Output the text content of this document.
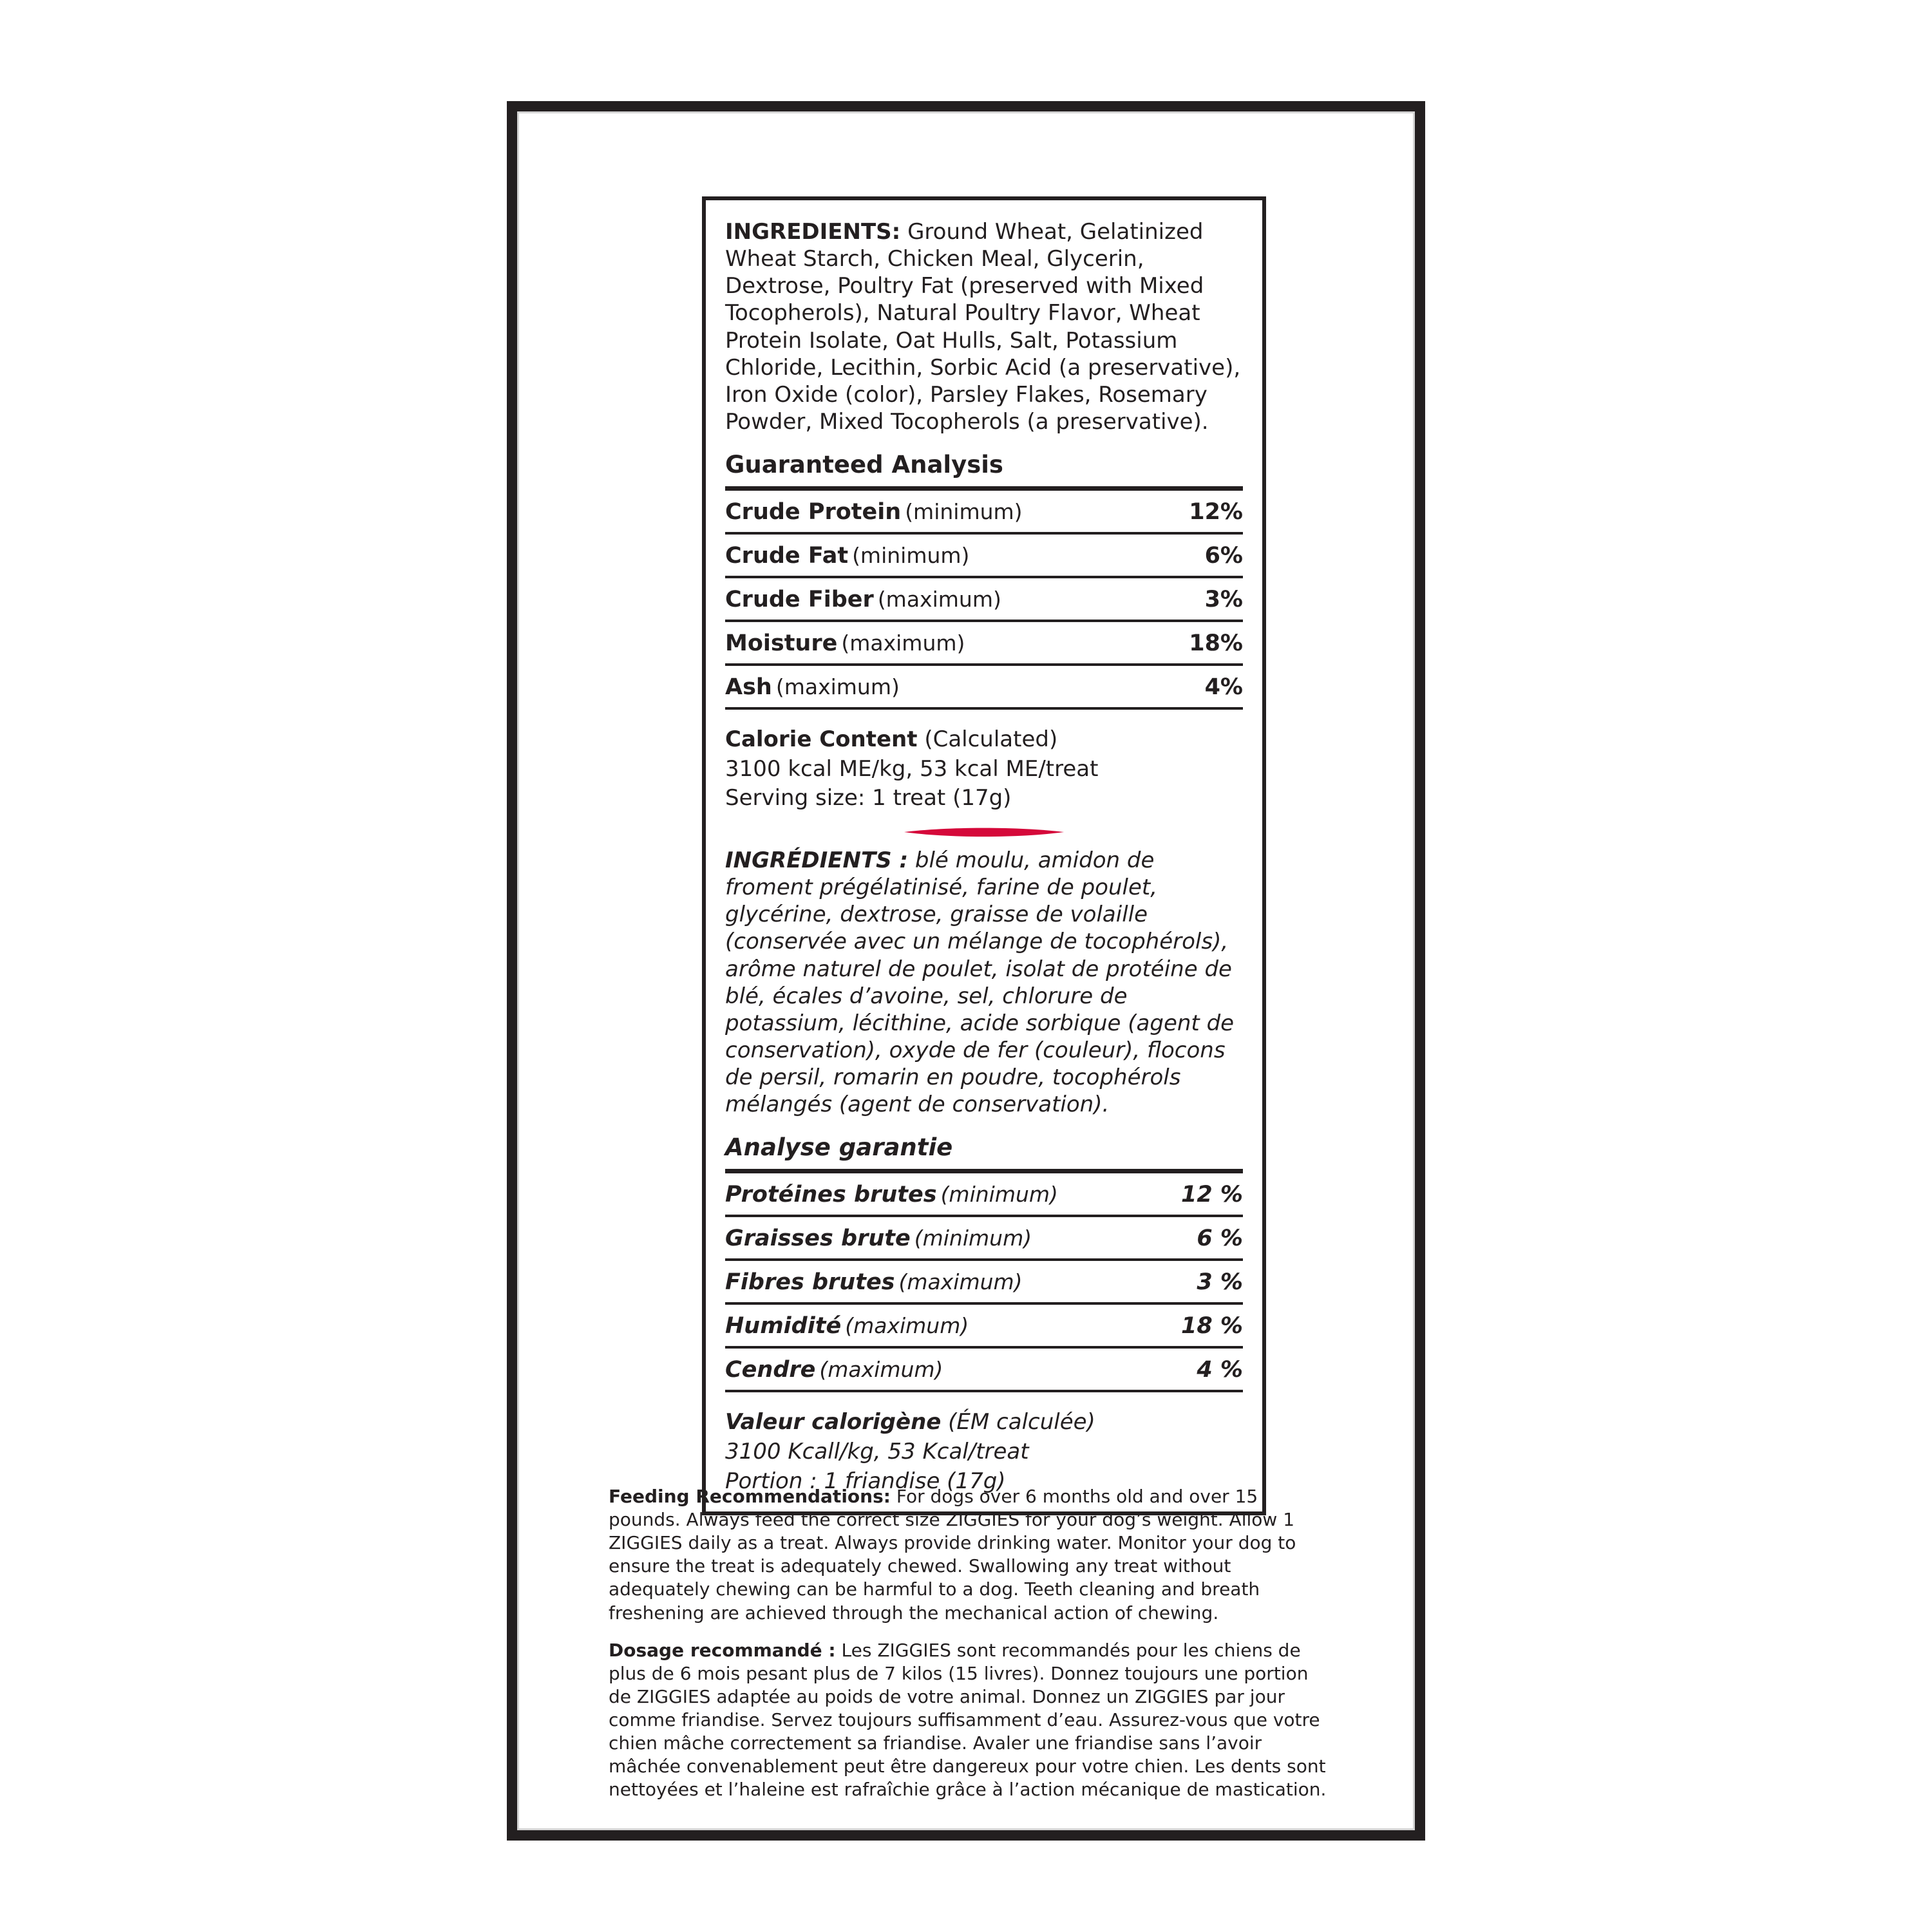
INGREDIENTS: Ground Wheat, Gelatinized Wheat Starch, Chicken Meal, Glycerin, Dextrose, Poultry Fat (preserved with Mixed Tocopherols), Natural Poultry Flavor, Wheat Protein Isolate, Oat Hulls, Salt, Potassium Chloride, Lecithin, Sorbic Acid (a preservative), Iron Oxide (color), Parsley Flakes, Rosemary Powder, Mixed Tocopherols (a preservative).

Guaranteed Analysis
Crude Protein (minimum)	12%
Crude Fat (minimum)	6%
Crude Fiber (maximum)	3%
Moisture (maximum)	18%
Ash (maximum)	4%
Calorie Content (Calculated)
3100 kcal ME/kg, 53 kcal ME/treat
Serving size: 1 treat (17g)

INGRÉDIENTS : blé moulu, amidon de froment prégélatinisé, farine de poulet, glycérine, dextrose, graisse de volaille (conservée avec un mélange de tocophérols), arôme naturel de poulet, isolat de protéine de blé, écales d’avoine, sel, chlorure de potassium, lécithine, acide sorbique (agent de conservation), oxyde de fer (couleur), flocons de persil, romarin en poudre, tocophérols mélangés (agent de conservation).

Analyse garantie
Protéines brutes (minimum)	12 %
Graisses brute (minimum)	6 %
Fibres brutes (maximum)	3 %
Humidité (maximum)	18 %
Cendre (maximum)	4 %
Valeur calorigène (ÉM calculée)
3100 Kcall/kg, 53 Kcal/treat
Portion : 1 friandise (17g)

Feeding Recommendations: For dogs over 6 months old and over 15 pounds. Always feed the correct size ZIGGIES for your dog’s weight. Allow 1 ZIGGIES daily as a treat. Always provide drinking water. Monitor your dog to ensure the treat is adequately chewed. Swallowing any treat without adequately chewing can be harmful to a dog. Teeth cleaning and breath freshening are achieved through the mechanical action of chewing.

Dosage recommandé : Les ZIGGIES sont recommandés pour les chiens de plus de 6 mois pesant plus de 7 kilos (15 livres). Donnez toujours une portion de ZIGGIES adaptée au poids de votre animal. Donnez un ZIGGIES par jour comme friandise. Servez toujours suffisamment d’eau. Assurez-vous que votre chien mâche correctement sa friandise. Avaler une friandise sans l’avoir mâchée convenablement peut être dangereux pour votre chien. Les dents sont nettoyées et l’haleine est rafraîchie grâce à l’action mécanique de mastication.
